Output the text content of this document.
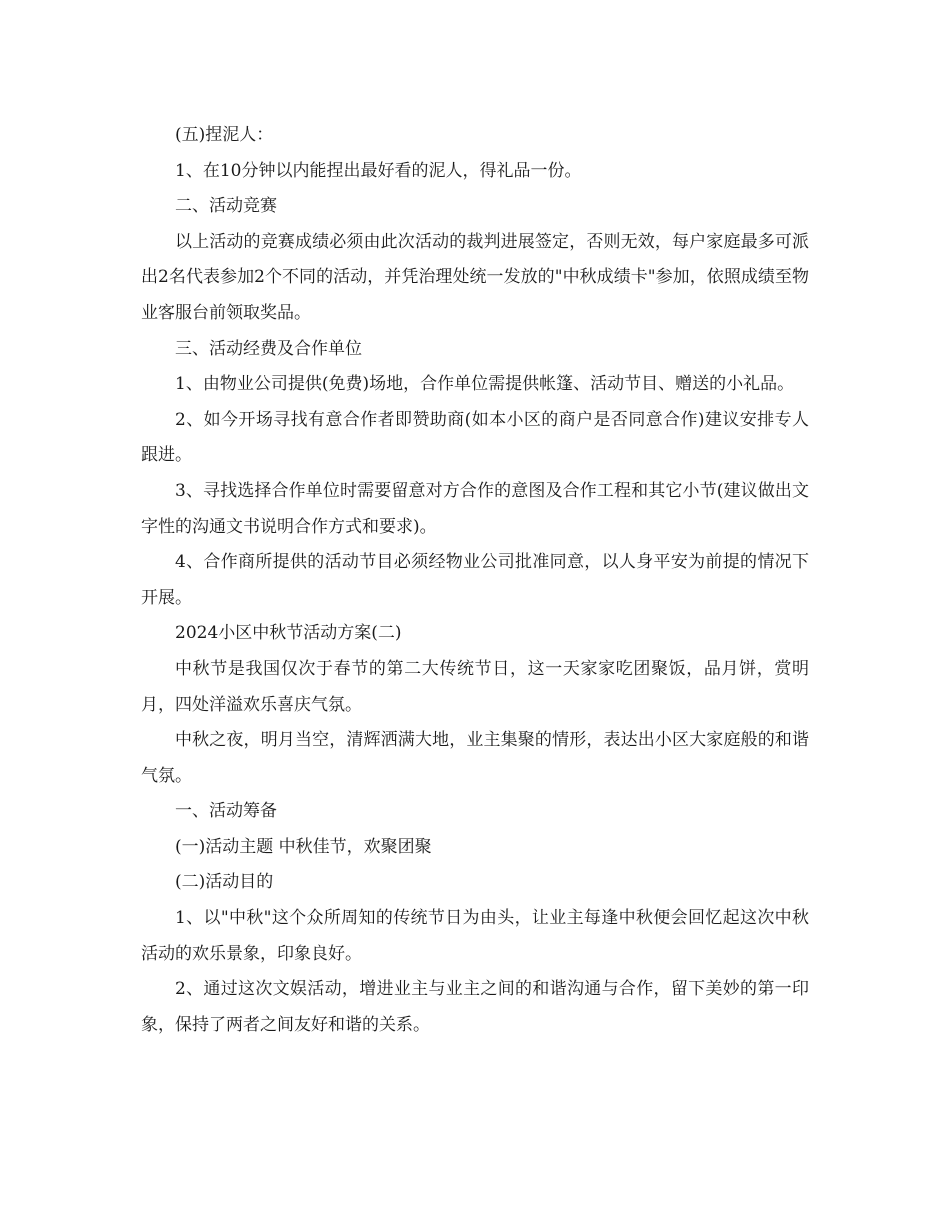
(五)捏泥人：

1、在10分钟以内能捏出最好看的泥人，得礼品一份。

二、活动竞赛

以上活动的竞赛成绩必须由此次活动的裁判进展签定，否则无效，每户家庭最多可派出2名代表参加2个不同的活动，并凭治理处统一发放的"中秋成绩卡"参加，依照成绩至物业客服台前领取奖品。

三、活动经费及合作单位

1、由物业公司提供(免费)场地，合作单位需提供帐篷、活动节目、赠送的小礼品。

2、如今开场寻找有意合作者即赞助商(如本小区的商户是否同意合作)建议安排专人跟进。

3、寻找选择合作单位时需要留意对方合作的意图及合作工程和其它小节(建议做出文字性的沟通文书说明合作方式和要求)。

4、合作商所提供的活动节目必须经物业公司批准同意，以人身平安为前提的情况下开展。

2024小区中秋节活动方案(二)

中秋节是我国仅次于春节的第二大传统节日，这一天家家吃团聚饭，品月饼，赏明月，四处洋溢欢乐喜庆气氛。

中秋之夜，明月当空，清辉洒满大地，业主集聚的情形，表达出小区大家庭般的和谐气氛。

一、活动筹备

(一)活动主题 中秋佳节，欢聚团聚

(二)活动目的

1、以"中秋"这个众所周知的传统节日为由头，让业主每逢中秋便会回忆起这次中秋活动的欢乐景象，印象良好。

2、通过这次文娱活动，增进业主与业主之间的和谐沟通与合作，留下美妙的第一印象，保持了两者之间友好和谐的关系。
